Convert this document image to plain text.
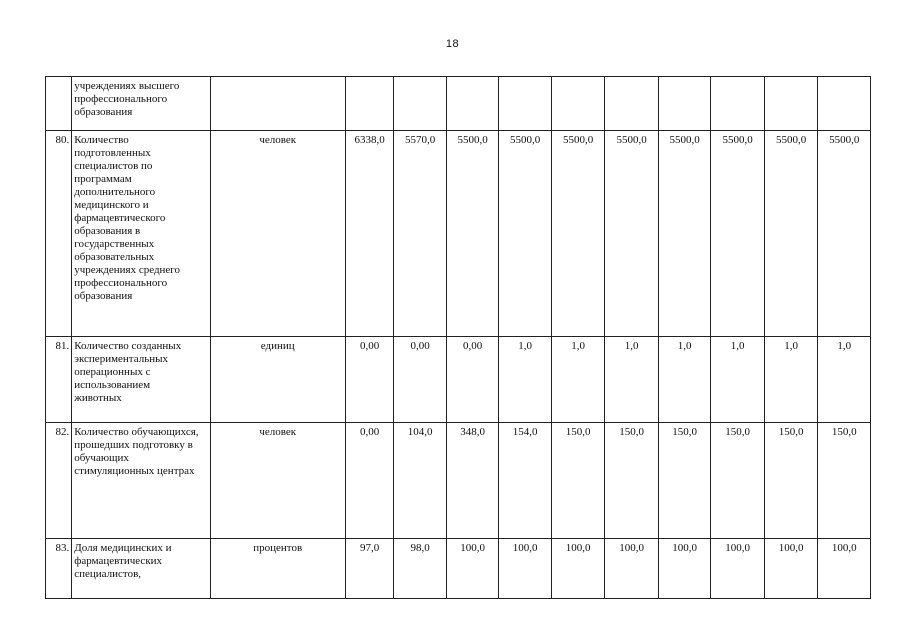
18

	учреждениях высшего профессионального образования											

80.	Количество подготовленных специалистов по программам дополнительного медицинского и фармацевтического образования в государственных образовательных учреждениях среднего профессионального образования	человек	6338,0	5570,0	5500,0	5500,0	5500,0	5500,0	5500,0	5500,0	5500,0	5500,0
81.	Количество созданных экспериментальных операционных с использованием животных	единиц	0,00	0,00	0,00	1,0	1,0	1,0	1,0	1,0	1,0	1,0
82.	Количество обучающихся, прошедших подготовку в обучающих стимуляционных центрах	человек	0,00	104,0	348,0	154,0	150,0	150,0	150,0	150,0	150,0	150,0
83.	Доля медицинских и фармацевтических специалистов,	процентов	97,0	98,0	100,0	100,0	100,0	100,0	100,0	100,0	100,0	100,0
